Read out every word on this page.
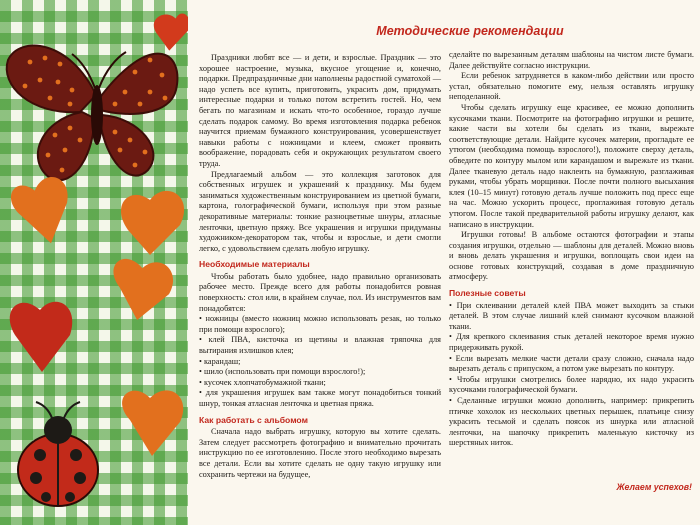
Методические рекомендации

Праздники любят все — и дети, и взрослые. Праздник — это хорошее настроение, музыка, вкусное угощение и, конечно, подарки. Предпраздничные дни наполнены радостной суматохой — надо успеть все купить, приготовить, украсить дом, придумать интересные подарки и только потом встретить гостей. Но, чем бегать по магазинам и искать что-то особенное, гораздо лучше сделать подарок самому. Во время изготовления подарка ребенок научится приемам бумажного конструирования, усовершенствует навыки работы с ножницами и клеем, сможет проявить воображение, порадовать себя и окружающих результатом своего труда.

Предлагаемый альбом — это коллекция заготовок для собственных игрушек и украшений к празднику. Мы будем заниматься художественным конструированием из цветной бумаги, картона, голографической бумаги, используя при этом разные декоративные материалы: тонкие разноцветные шнуры, атласные ленточки, цветную пряжу. Все украшения и игрушки придуманы художником-декоратором так, чтобы и взрослые, и дети смогли легко, с удовольствием сделать любую игрушку.

Необходимые материалы

Чтобы работать было удобнее, надо правильно организовать рабочее место. Прежде всего для работы понадобится ровная поверхность: стол или, в крайнем случае, пол. Из инструментов вам понадобятся:

• ножницы (вместо ножниц можно использовать резак, но только при помощи взрослого);
• клей ПВА, кисточка из щетины и влажная тряпочка для вытирания излишков клея;
• карандаш;
• шило (использовать при помощи взрослого!);
• кусочек хлопчатобумажной ткани;
• для украшения игрушек вам также могут понадобиться тонкий шнур, тонкая атласная ленточка и цветная пряжа.
Как работать с альбомом

Сначала надо выбрать игрушку, которую вы хотите сделать. Затем следует рассмотреть фотографию и внимательно прочитать инструкцию по ее изготовлению. После этого необходимо вырезать все детали. Если вы хотите сделать не одну такую игрушку или сохранить чертежи на будущее,

сделайте по вырезанным деталям шаблоны на чистом листе бумаги. Далее действуйте согласно инструкции.

Если ребенок затрудняется в каком-либо действии или просто устал, обязательно помогите ему, нельзя оставлять игрушку неподеланной.

Чтобы сделать игрушку еще красивее, ее можно дополнить кусочками ткани. Посмотрите на фотографию игрушки и решите, какие части вы хотели бы сделать из ткани, вырежьте соответствующие детали. Найдите кусочек материи, прогладьте ее утюгом (необходима помощь взрослого!), положите сверху деталь, обведите по контуру мылом или карандашом и вырежьте из ткани. Далее тканевую деталь надо наклеить на бумажную, разглаживая руками, чтобы убрать морщинки. После почти полного высыхания клея (10–15 минут) готовую деталь лучше положить под пресс еще на час. Можно ускорить процесс, проглаживая готовую деталь утюгом. После такой предварительной работы игрушку делают, как написано в инструкции.

Игрушки готовы! В альбоме остаются фотографии и этапы создания игрушки, отдельно — шаблоны для деталей. Можно вновь и вновь делать украшения и игрушки, воплощать свои идеи на основе готовых конструкций, создавая в доме праздничную атмосферу.

Полезные советы
• При склеивании деталей клей ПВА может выходить за стыки деталей. В этом случае лишний клей снимают кусочком влажной ткани.
• Для крепкого склеивания стык деталей некоторое время нужно придерживать рукой.
• Если вырезать мелкие части детали сразу сложно, сначала надо вырезать деталь с припуском, а потом уже вырезать по контуру.
• Чтобы игрушки смотрелись более нарядно, их надо украсить кусочками голографической бумаги.
• Сделанные игрушки можно дополнить, например: прикрепить птичке хохолок из нескольких цветных перышек, платьице снизу украсить тесьмой и сделать поясок из шнурка или атласной ленточки, на шапочку прикрепить маленькую кисточку из шерстяных ниток.
Желаем успехов!
